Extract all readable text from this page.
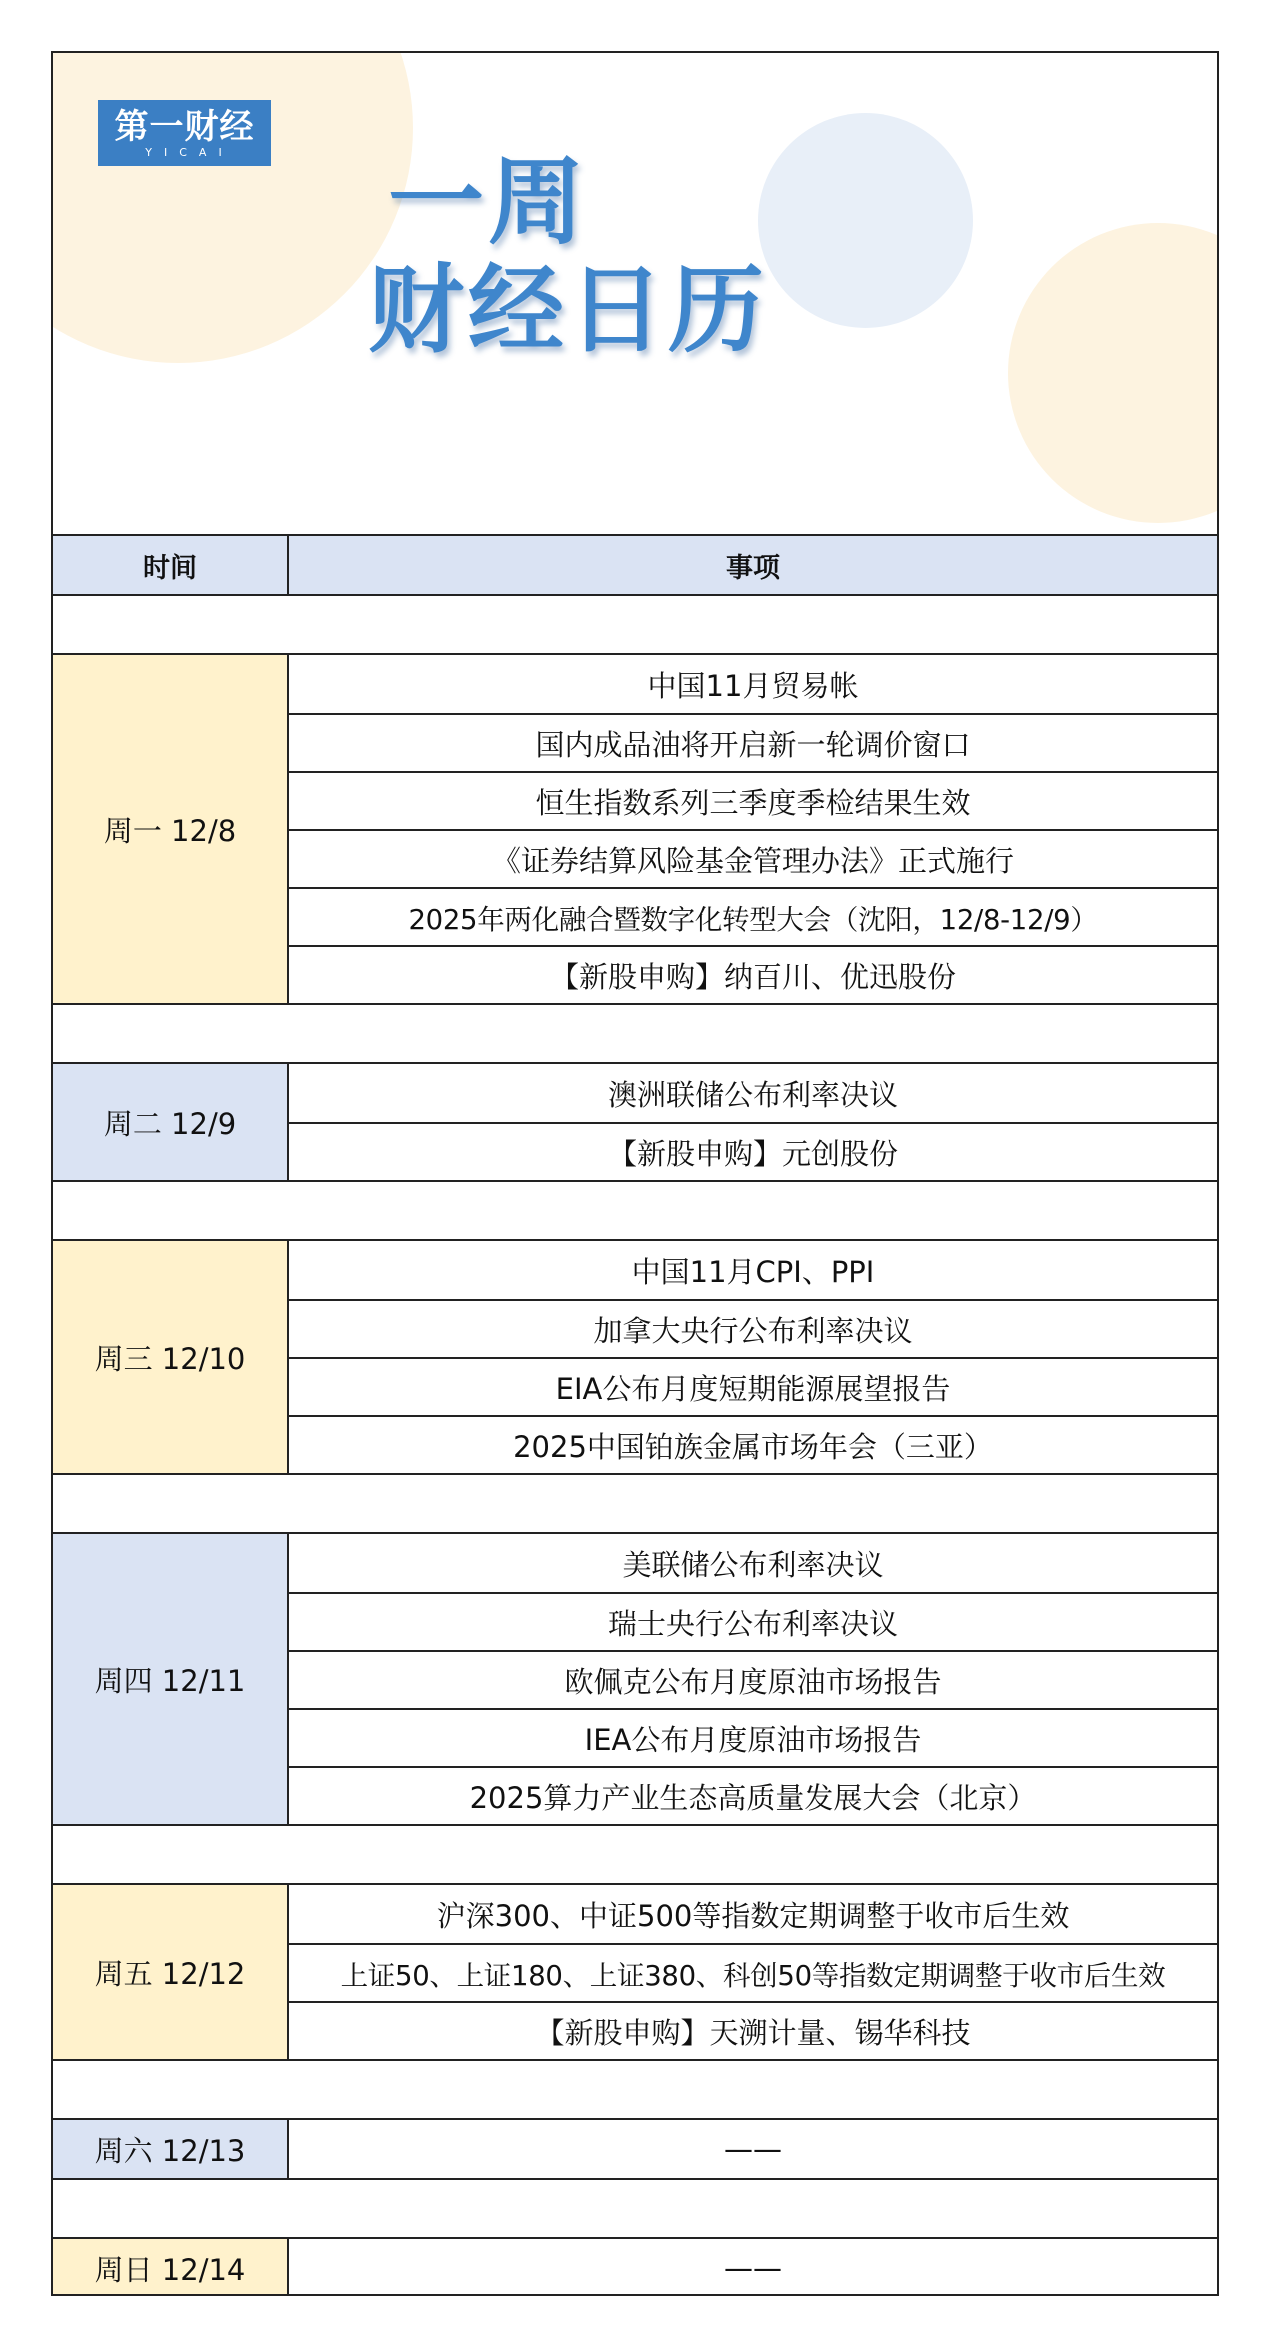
第一财经
YICAI 一周
财经日历
时间	事项
周一 12/8
中国11月贸易帐
国内成品油将开启新一轮调价窗口
恒生指数系列三季度季检结果生效
《证券结算风险基金管理办法》正式施行
2025年两化融合暨数字化转型大会（沈阳，12/8-12/9）
【新股申购】纳百川、优迅股份
周二 12/9
澳洲联储公布利率决议
【新股申购】元创股份
周三 12/10
中国11月CPI、PPI
加拿大央行公布利率决议
EIA公布月度短期能源展望报告
2025中国铂族金属市场年会（三亚）
周四 12/11
美联储公布利率决议
瑞士央行公布利率决议
欧佩克公布月度原油市场报告
IEA公布月度原油市场报告
2025算力产业生态高质量发展大会（北京）
周五 12/12
沪深300、中证500等指数定期调整于收市后生效
上证50、上证180、上证380、科创50等指数定期调整于收市后生效
【新股申购】天溯计量、锡华科技
周六 12/13	——
周日 12/14	——
